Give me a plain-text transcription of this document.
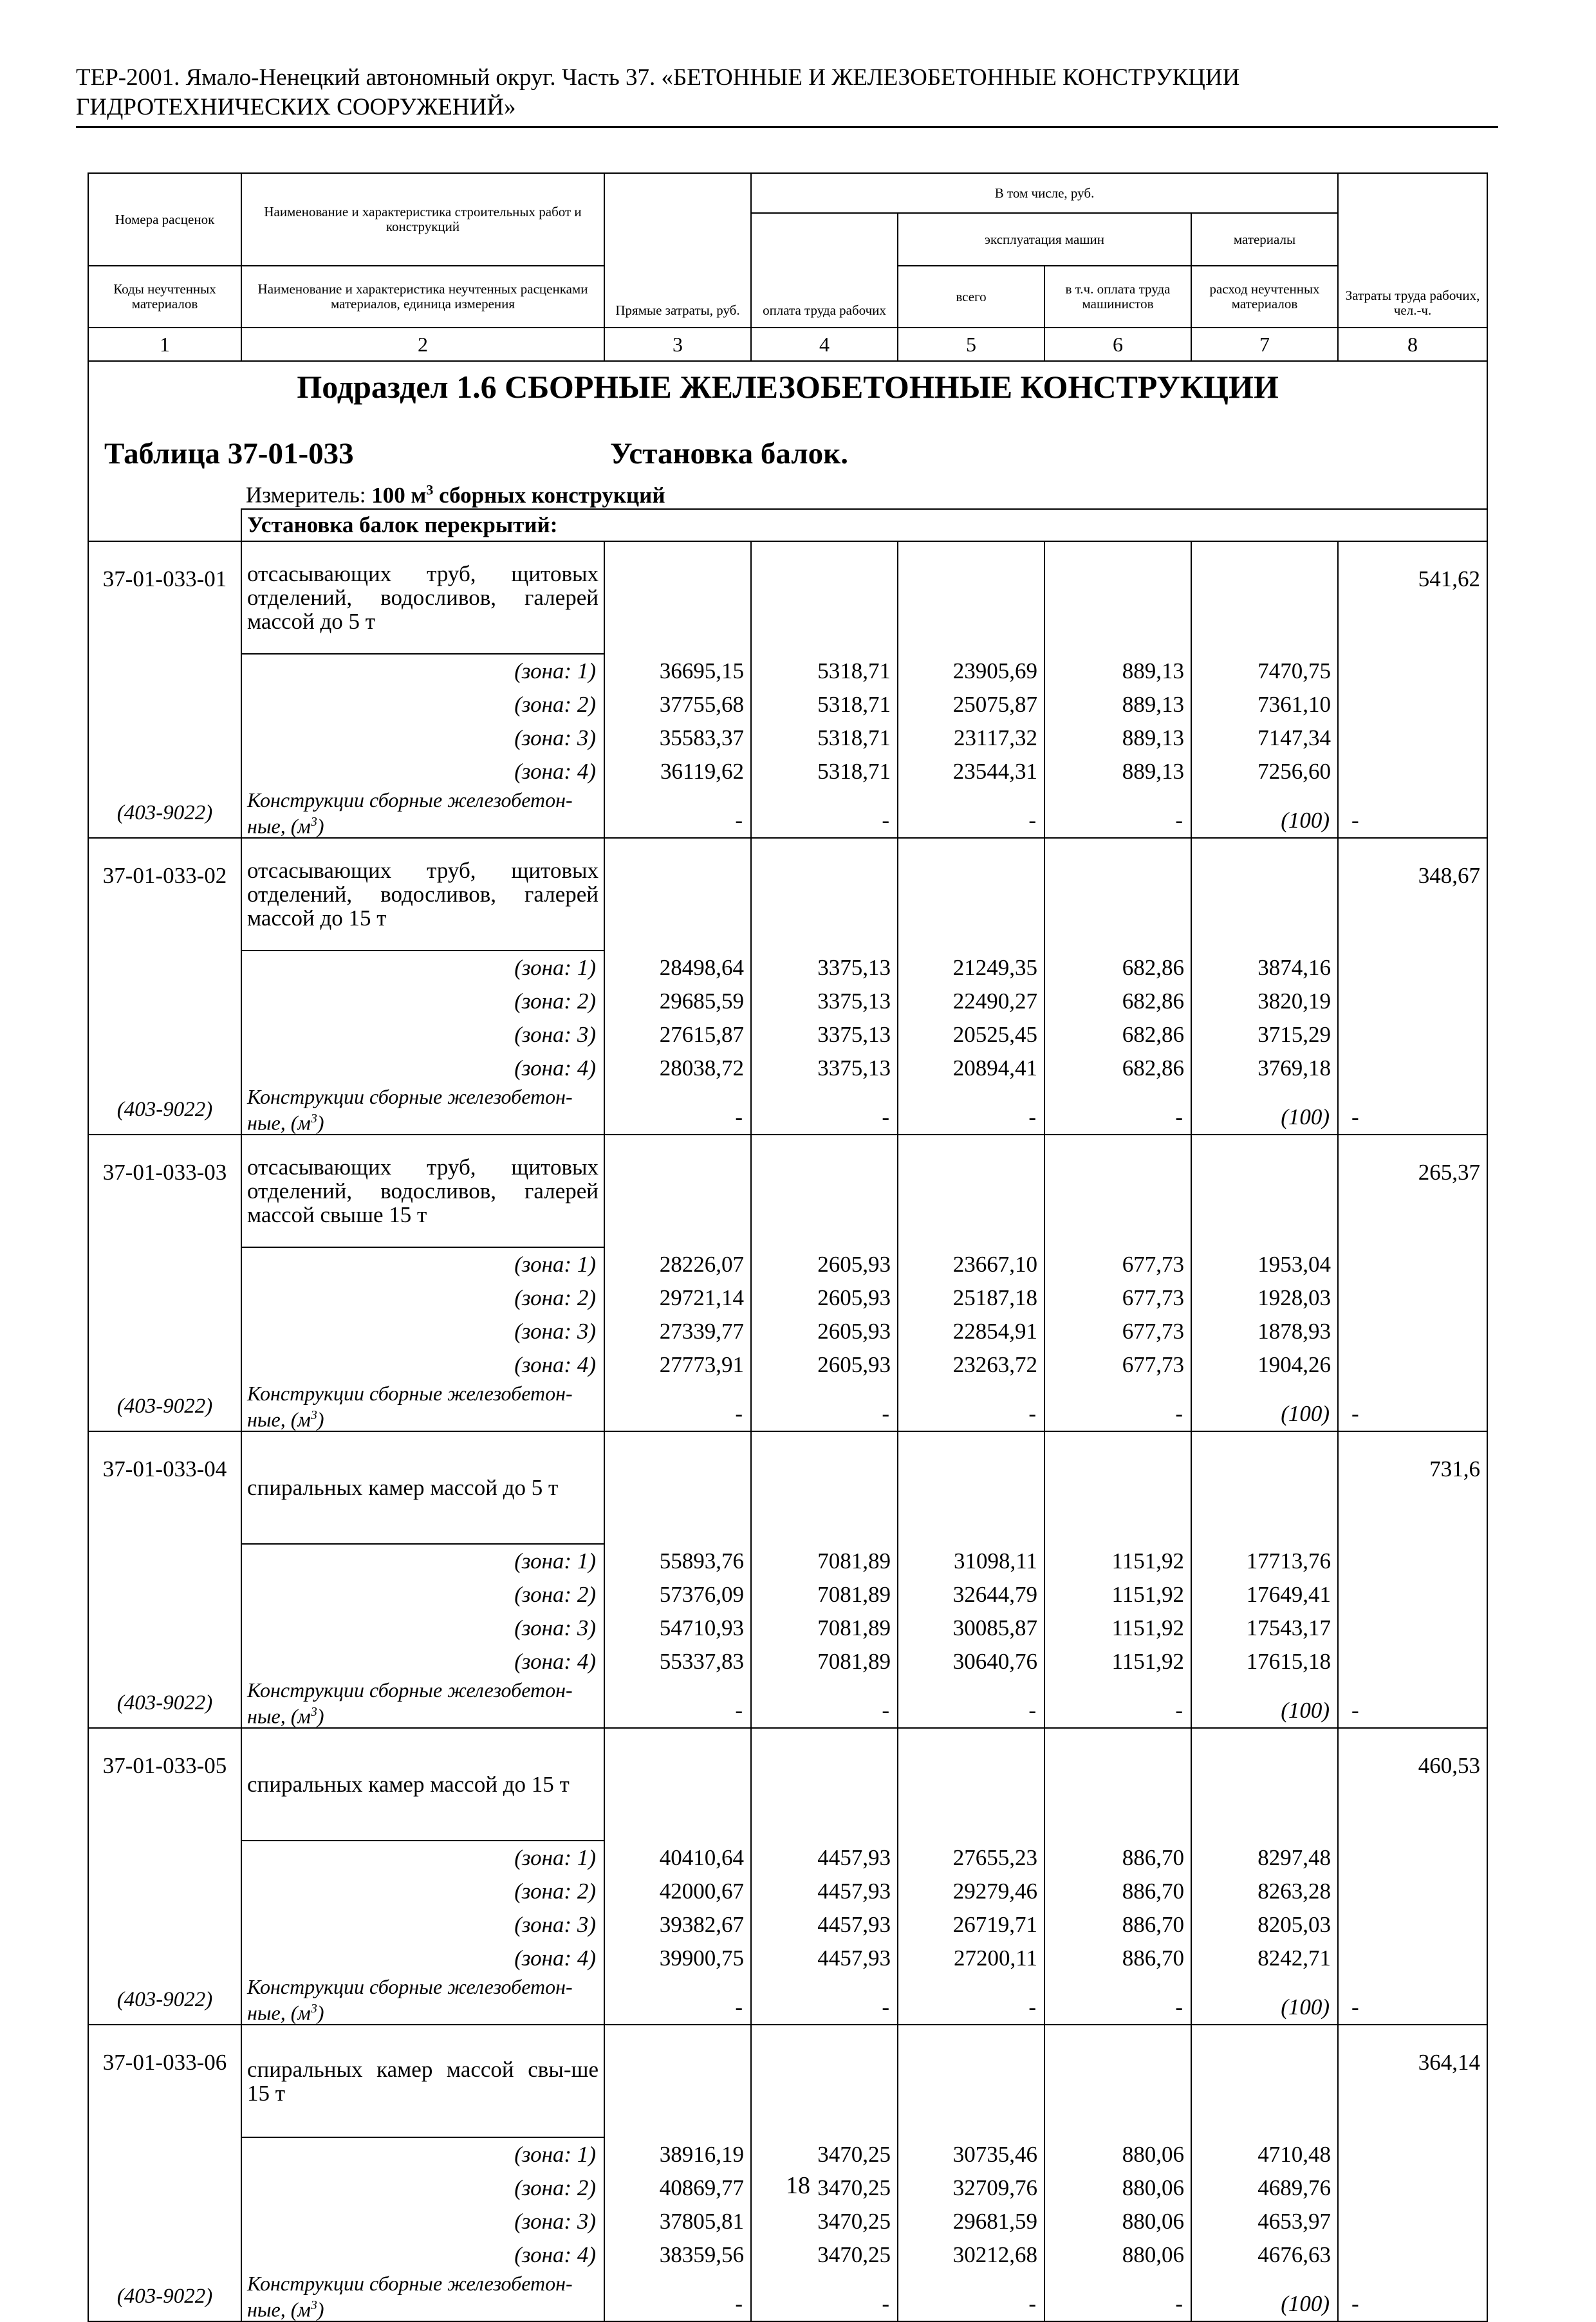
ТЕР-2001. Ямало-Ненецкий автономный округ. Часть 37. «БЕТОННЫЕ И ЖЕЛЕЗОБЕТОННЫЕ КОНСТРУКЦИИ
ГИДРОТЕХНИЧЕСКИХ СООРУЖЕНИЙ»
Номера расценок	Наименование и характеристика строительных работ и конструкций	Прямые затраты, руб.	В том числе, руб.				Затраты труда рабочих, чел.-ч.
			оплата труда рабочих	эксплуатация машин		материалы	
Коды неучтенных материалов	Наименование и характеристика неучтенных расценками материалов, единица измерения			всего	в т.ч. оплата труда машинистов	расход неучтенных материалов	
1	2	3	4	5	6	7	8

Подраздел 1.6 СБОРНЫЕ ЖЕЛЕЗОБЕТОННЫЕ КОНСТРУКЦИИ
Таблица 37-01-033 Установка балок.
Измеритель: 100 $м^3$ сборных конструкций							

	Установка балок перекрытий:						
37-01-033-01	отсасывающих труб, щитовых отделений, водосливов, галерей массой до 5 т						541,62
	(зона: 1)	36695,15	5318,71	23905,69	889,13	7470,75	
	(зона: 2)	37755,68	5318,71	25075,87	889,13	7361,10	
	(зона: 3)	35583,37	5318,71	23117,32	889,13	7147,34	
	(зона: 4)	36119,62	5318,71	23544,31	889,13	7256,60	
(403-9022)	Конструкции сборные железобетон-ные, $(м^3)$	-	-	-	-	(100)	-
37-01-033-02	отсасывающих труб, щитовых отделений, водосливов, галерей массой до 15 т						348,67
	(зона: 1)	28498,64	3375,13	21249,35	682,86	3874,16	
	(зона: 2)	29685,59	3375,13	22490,27	682,86	3820,19	
	(зона: 3)	27615,87	3375,13	20525,45	682,86	3715,29	
	(зона: 4)	28038,72	3375,13	20894,41	682,86	3769,18	
(403-9022)	Конструкции сборные железобетон-ные, $(м^3)$	-	-	-	-	(100)	-
37-01-033-03	отсасывающих труб, щитовых отделений, водосливов, галерей массой свыше 15 т						265,37
	(зона: 1)	28226,07	2605,93	23667,10	677,73	1953,04	
	(зона: 2)	29721,14	2605,93	25187,18	677,73	1928,03	
	(зона: 3)	27339,77	2605,93	22854,91	677,73	1878,93	
	(зона: 4)	27773,91	2605,93	23263,72	677,73	1904,26	
(403-9022)	Конструкции сборные железобетон-ные, $(м^3)$	-	-	-	-	(100)	-
37-01-033-04	спиральных камер массой до 5 т						731,6
	(зона: 1)	55893,76	7081,89	31098,11	1151,92	17713,76	
	(зона: 2)	57376,09	7081,89	32644,79	1151,92	17649,41	
	(зона: 3)	54710,93	7081,89	30085,87	1151,92	17543,17	
	(зона: 4)	55337,83	7081,89	30640,76	1151,92	17615,18	
(403-9022)	Конструкции сборные железобетон-ные, $(м^3)$	-	-	-	-	(100)	-
37-01-033-05	спиральных камер массой до 15 т						460,53
	(зона: 1)	40410,64	4457,93	27655,23	886,70	8297,48	
	(зона: 2)	42000,67	4457,93	29279,46	886,70	8263,28	
	(зона: 3)	39382,67	4457,93	26719,71	886,70	8205,03	
	(зона: 4)	39900,75	4457,93	27200,11	886,70	8242,71	
(403-9022)	Конструкции сборные железобетон-ные, $(м^3)$	-	-	-	-	(100)	-
37-01-033-06	спиральных камер массой свы-ше 15 т						364,14
	(зона: 1)	38916,19	3470,25	30735,46	880,06	4710,48	
	(зона: 2)	40869,77	3470,25	32709,76	880,06	4689,76	
	(зона: 3)	37805,81	3470,25	29681,59	880,06	4653,97	
	(зона: 4)	38359,56	3470,25	30212,68	880,06	4676,63	
(403-9022)	Конструкции сборные железобетон-ные, $(м^3)$	-	-	-	-	(100)	-
18
